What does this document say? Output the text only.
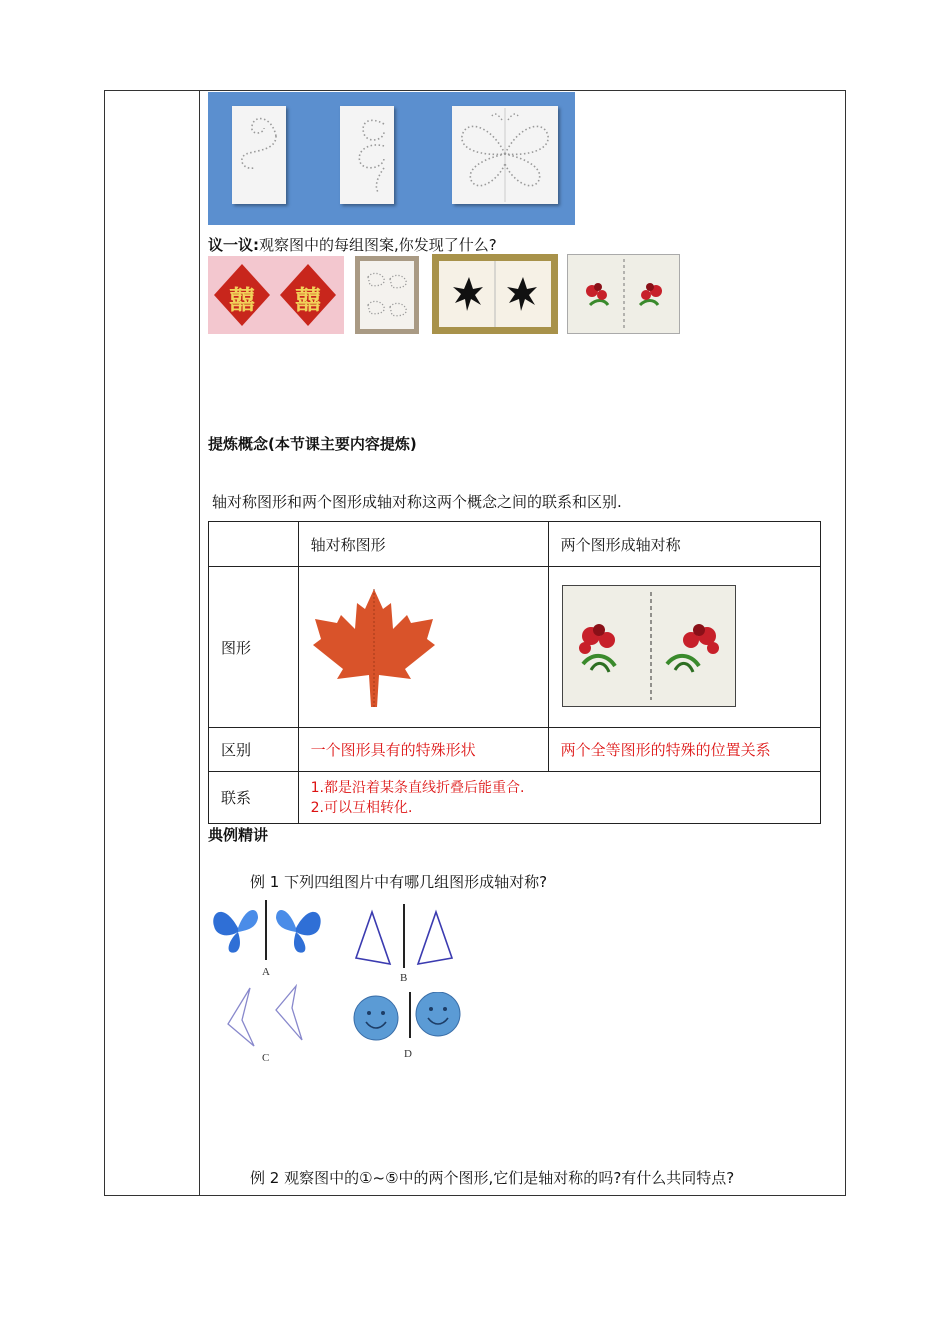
议一议:观察图中的每组图案,你发现了什么?
囍 囍
提炼概念(本节课主要内容提炼)
轴对称图形和两个图形成轴对称这两个概念之间的联系和区别.
	轴对称图形	两个图形成轴对称
图形	

区别	一个图形具有的特殊形状	两个全等图形的特殊的位置关系
联系	1.都是沿着某条直线折叠后能重合.
2.可以互相转化.	
典例精讲
例 1 下列四组图片中有哪几组图形成轴对称?
A	B
C	D
例 2 观察图中的①~⑤中的两个图形,它们是轴对称的吗?有什么共同特点?
